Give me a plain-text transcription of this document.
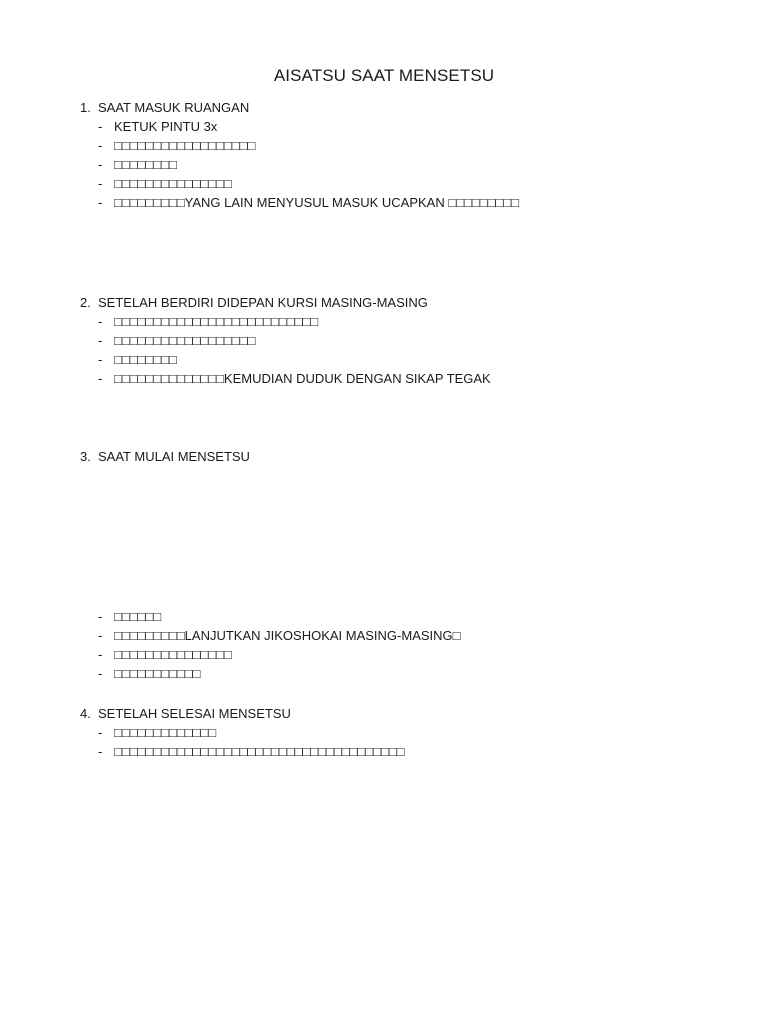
AISATSU SAAT MENSETSU
1. SAAT MASUK RUANGAN
- KETUK PINTU 3x
- □□□□□□□□□□□□□□□□□□
- □□□□□□□□
- □□□□□□□□□□□□□□□
- □□□□□□□□□YANG LAIN MENYUSUL MASUK UCAPKAN □□□□□□□□□
2. SETELAH BERDIRI DIDEPAN KURSI MASING-MASING
- □□□□□□□□□□□□□□□□□□□□□□□□□□
- □□□□□□□□□□□□□□□□□□
- □□□□□□□□
- □□□□□□□□□□□□□□KEMUDIAN DUDUK DENGAN SIKAP TEGAK
3. SAAT MULAI MENSETSU
- □□□□□□
- □□□□□□□□□LANJUTKAN JIKOSHOKAI MASING-MASING□
- □□□□□□□□□□□□□□□
- □□□□□□□□□□□
4. SETELAH SELESAI MENSETSU
- □□□□□□□□□□□□□
- □□□□□□□□□□□□□□□□□□□□□□□□□□□□□□□□□□□□□
